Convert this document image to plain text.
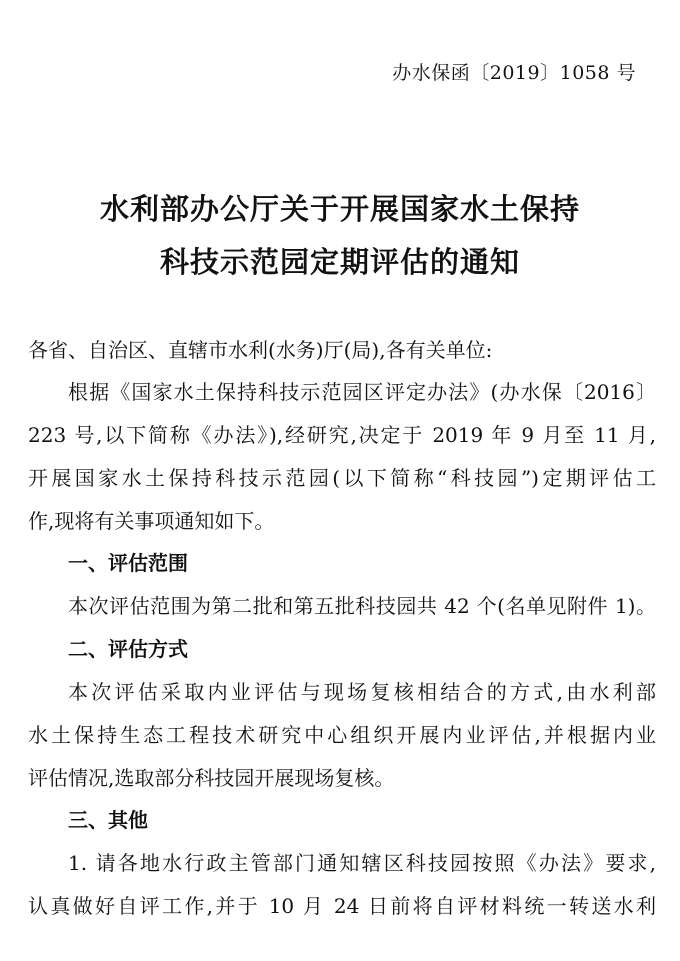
办水保函〔2019〕1058 号
水利部办公厅关于开展国家水土保持
科技示范园定期评估的通知
各省、自治区、直辖市水利(水务)厅(局),各有关单位:
根据《国家水土保持科技示范园区评定办法》(办水保〔2016〕
223 号,以下简称《办法》),经研究,决定于 2019 年 9 月至 11 月,
开展国家水土保持科技示范园(以下简称“科技园”)定期评估工
作,现将有关事项通知如下。
一、评估范围
本次评估范围为第二批和第五批科技园共 42 个(名单见附件 1)。
二、评估方式
本次评估采取内业评估与现场复核相结合的方式,由水利部
水土保持生态工程技术研究中心组织开展内业评估,并根据内业
评估情况,选取部分科技园开展现场复核。
三、其他
1. 请各地水行政主管部门通知辖区科技园按照《办法》要求,
认真做好自评工作,并于 10 月 24 日前将自评材料统一转送水利
